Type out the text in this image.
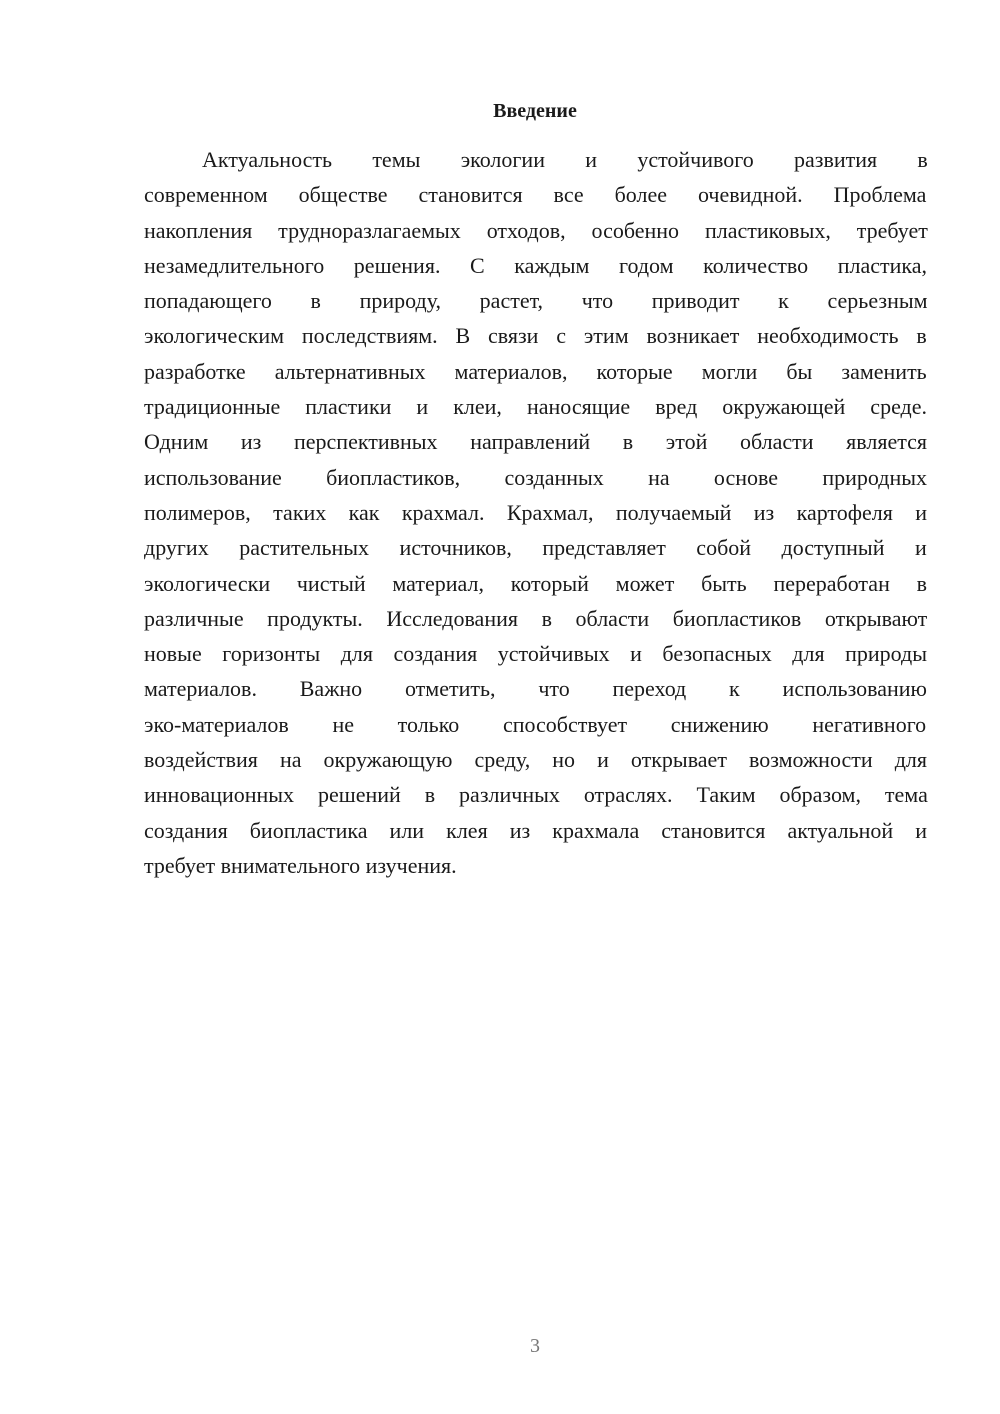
Введение
Актуальность темы экологии и устойчивого развития в
современном обществе становится все более очевидной. Проблема
накопления трудноразлагаемых отходов, особенно пластиковых, требует
незамедлительного решения. С каждым годом количество пластика,
попадающего в природу, растет, что приводит к серьезным
экологическим последствиям. В связи с этим возникает необходимость в
разработке альтернативных материалов, которые могли бы заменить
традиционные пластики и клеи, наносящие вред окружающей среде.
Одним из перспективных направлений в этой области является
использование биопластиков, созданных на основе природных
полимеров, таких как крахмал. Крахмал, получаемый из картофеля и
других растительных источников, представляет собой доступный и
экологически чистый материал, который может быть переработан в
различные продукты. Исследования в области биопластиков открывают
новые горизонты для создания устойчивых и безопасных для природы
материалов. Важно отметить, что переход к использованию
эко-материалов не только способствует снижению негативного
воздействия на окружающую среду, но и открывает возможности для
инновационных решений в различных отраслях. Таким образом, тема
создания биопластика или клея из крахмала становится актуальной и
требует внимательного изучения.
3
